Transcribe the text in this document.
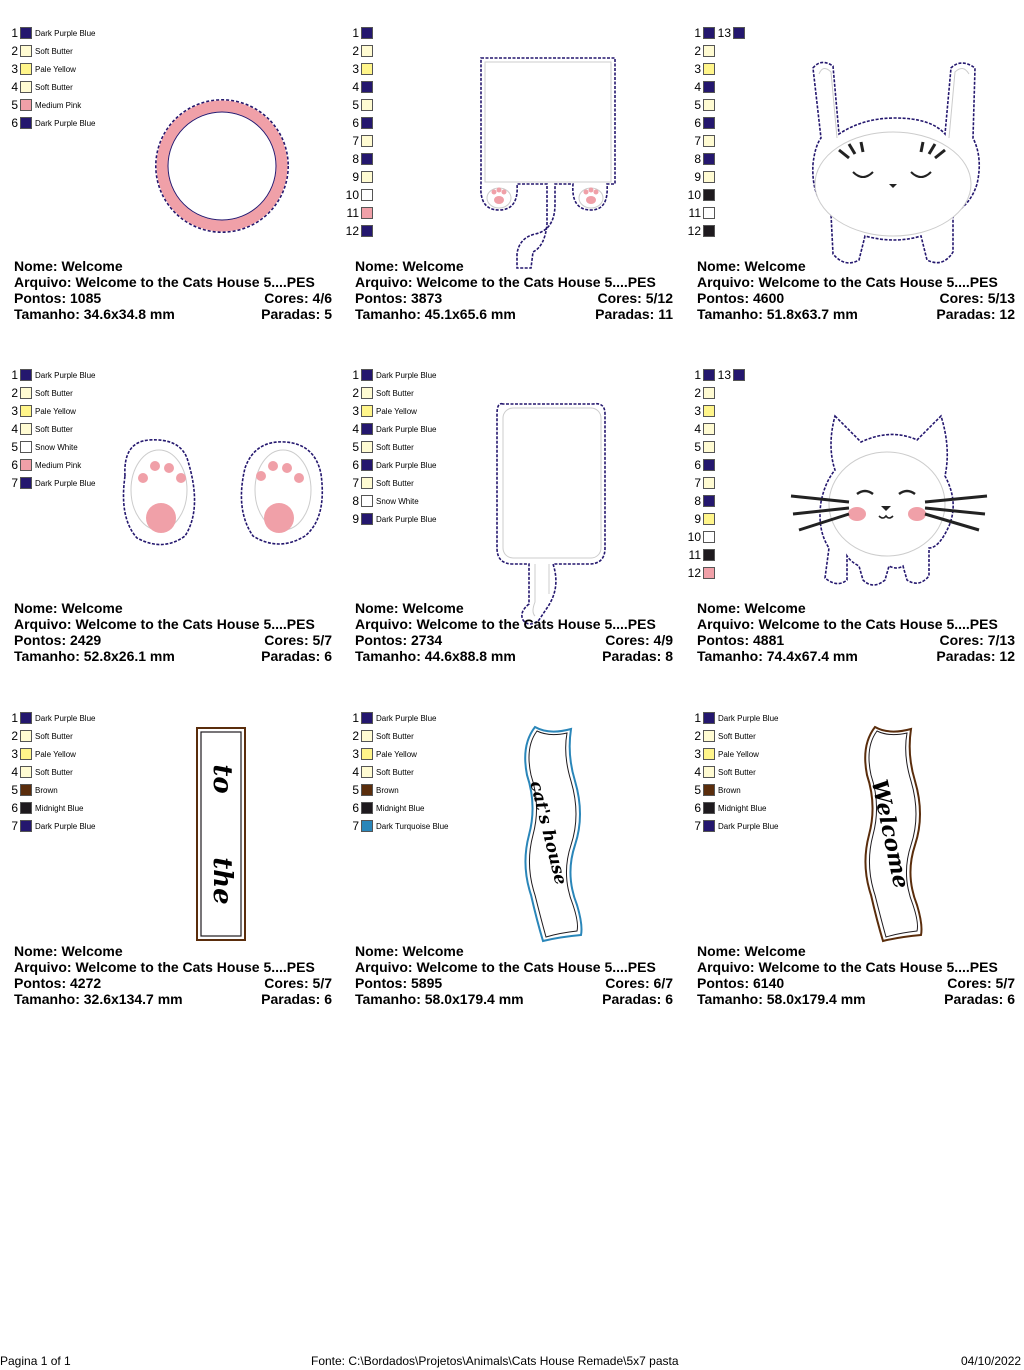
1 Dark Purple Blue
2 Soft Butter
3 Pale Yellow
4 Soft Butter
5 Medium Pink
6 Dark Purple Blue
Nome: Welcome
Arquivo: Welcome to the Cats House 5....PES
Pontos: 1085	Cores: 4/6
Tamanho: 34.6x34.8 mm	Paradas: 5
1
2
3
4
5
6
7
8
9
10
11
12
Nome: Welcome
Arquivo: Welcome to the Cats House 5....PES
Pontos: 3873	Cores: 5/12
Tamanho: 45.1x65.6 mm	Paradas: 11
1 13
2
3
4
5
6
7
8
9
10
11
12
Nome: Welcome
Arquivo: Welcome to the Cats House 5....PES
Pontos: 4600	Cores: 5/13
Tamanho: 51.8x63.7 mm	Paradas: 12
1 Dark Purple Blue
2 Soft Butter
3 Pale Yellow
4 Soft Butter
5 Snow White
6 Medium Pink
7 Dark Purple Blue
Nome: Welcome
Arquivo: Welcome to the Cats House 5....PES
Pontos: 2429	Cores: 5/7
Tamanho: 52.8x26.1 mm	Paradas: 6
1 Dark Purple Blue
2 Soft Butter
3 Pale Yellow
4 Dark Purple Blue
5 Soft Butter
6 Dark Purple Blue
7 Soft Butter
8 Snow White
9 Dark Purple Blue
Nome: Welcome
Arquivo: Welcome to the Cats House 5....PES
Pontos: 2734	Cores: 4/9
Tamanho: 44.6x88.8 mm	Paradas: 8
1 13
2
3
4
5
6
7
8
9
10
11
12
Nome: Welcome
Arquivo: Welcome to the Cats House 5....PES
Pontos: 4881	Cores: 7/13
Tamanho: 74.4x67.4 mm	Paradas: 12
1 Dark Purple Blue
2 Soft Butter
3 Pale Yellow
4 Soft Butter
5 Brown
6 Midnight Blue
7 Dark Purple Blue
to
the
Nome: Welcome
Arquivo: Welcome to the Cats House 5....PES
Pontos: 4272	Cores: 5/7
Tamanho: 32.6x134.7 mm	Paradas: 6
1 Dark Purple Blue
2 Soft Butter
3 Pale Yellow
4 Soft Butter
5 Brown
6 Midnight Blue
7 Dark Turquoise Blue	cat's house
Nome: Welcome
Arquivo: Welcome to the Cats House 5....PES
Pontos: 5895	Cores: 6/7
Tamanho: 58.0x179.4 mm	Paradas: 6
1 Dark Purple Blue
2 Soft Butter
3 Pale Yellow
4 Soft Butter
5 Brown
6 Midnight Blue
7 Dark Purple Blue	Welcome
Nome: Welcome
Arquivo: Welcome to the Cats House 5....PES
Pontos: 6140	Cores: 5/7
Tamanho: 58.0x179.4 mm	Paradas: 6
Pagina 1 of 1	Fonte: C:\Bordados\Projetos\Animals\Cats House Remade\5x7 pasta	04/10/2022
